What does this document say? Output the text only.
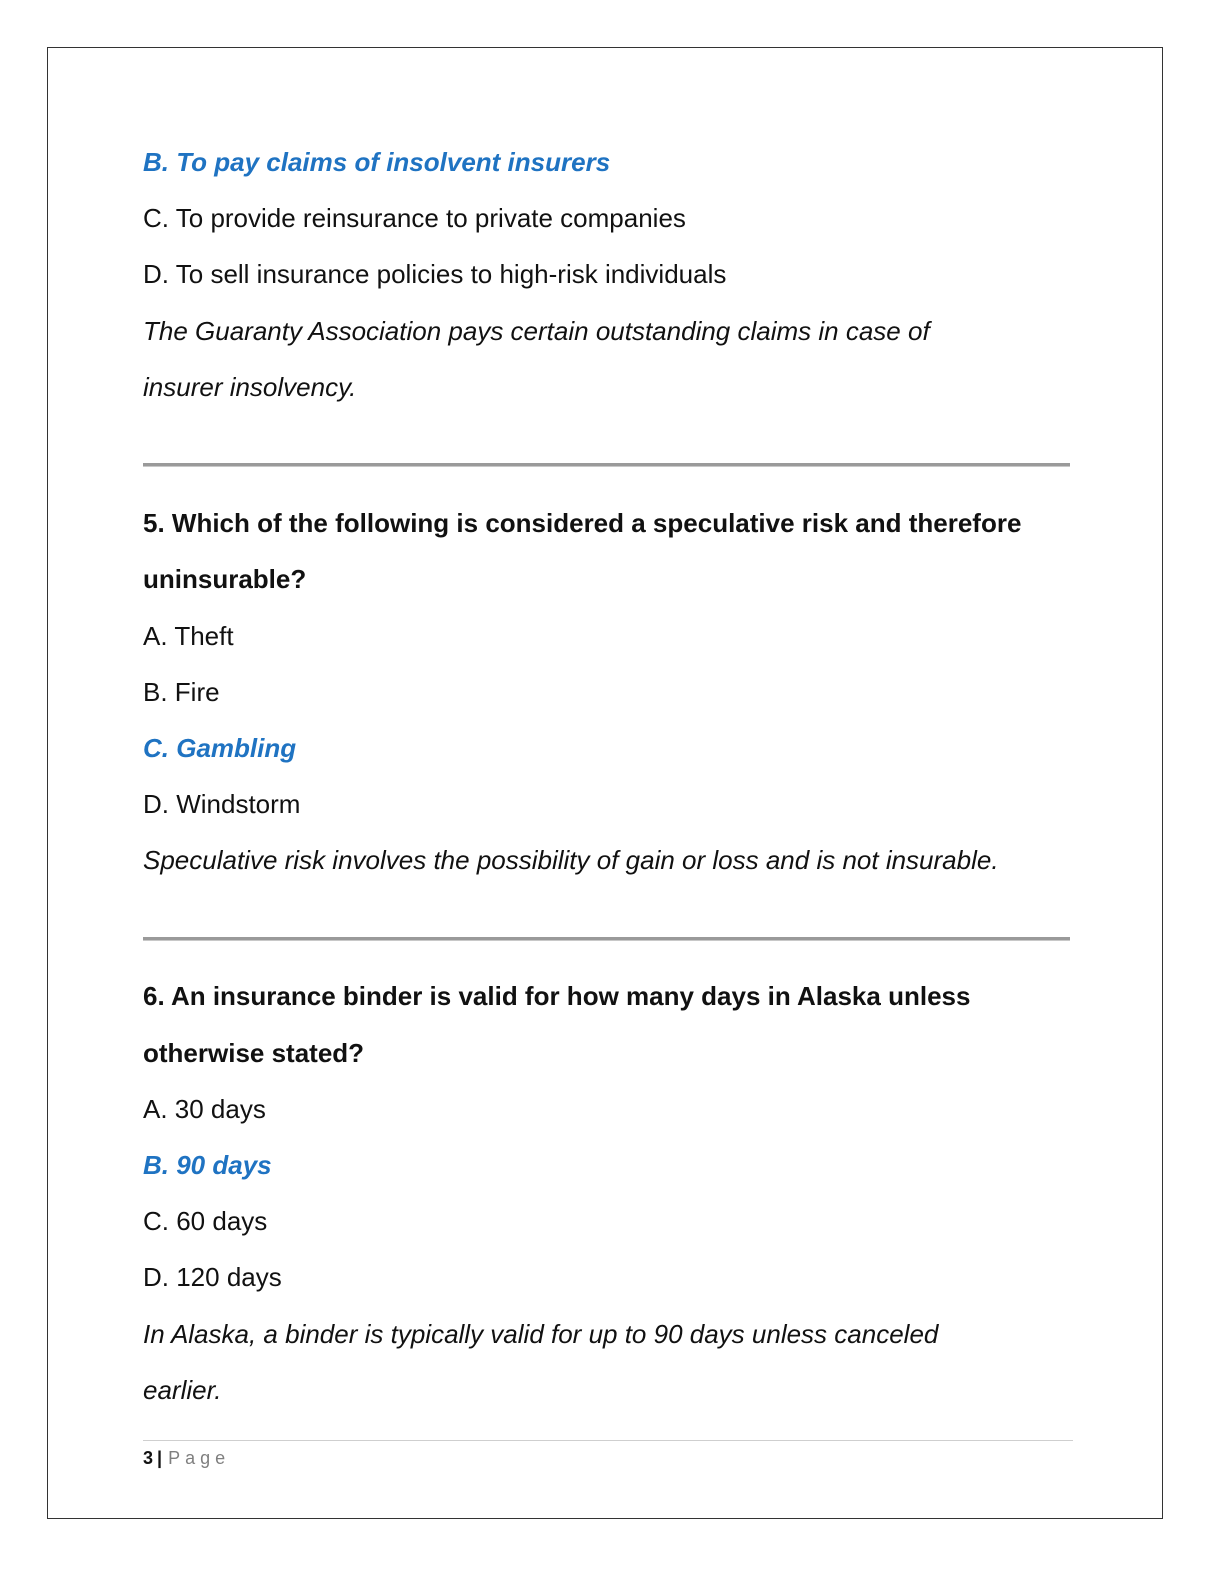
B. To pay claims of insolvent insurers
C. To provide reinsurance to private companies
D. To sell insurance policies to high-risk individuals
The Guaranty Association pays certain outstanding claims in case of
insurer insolvency.
5. Which of the following is considered a speculative risk and therefore
uninsurable?
A. Theft
B. Fire
C. Gambling
D. Windstorm
Speculative risk involves the possibility of gain or loss and is not insurable.
6. An insurance binder is valid for how many days in Alaska unless
otherwise stated?
A. 30 days
B. 90 days
C. 60 days
D. 120 days
In Alaska, a binder is typically valid for up to 90 days unless canceled
earlier.
3 | Page
